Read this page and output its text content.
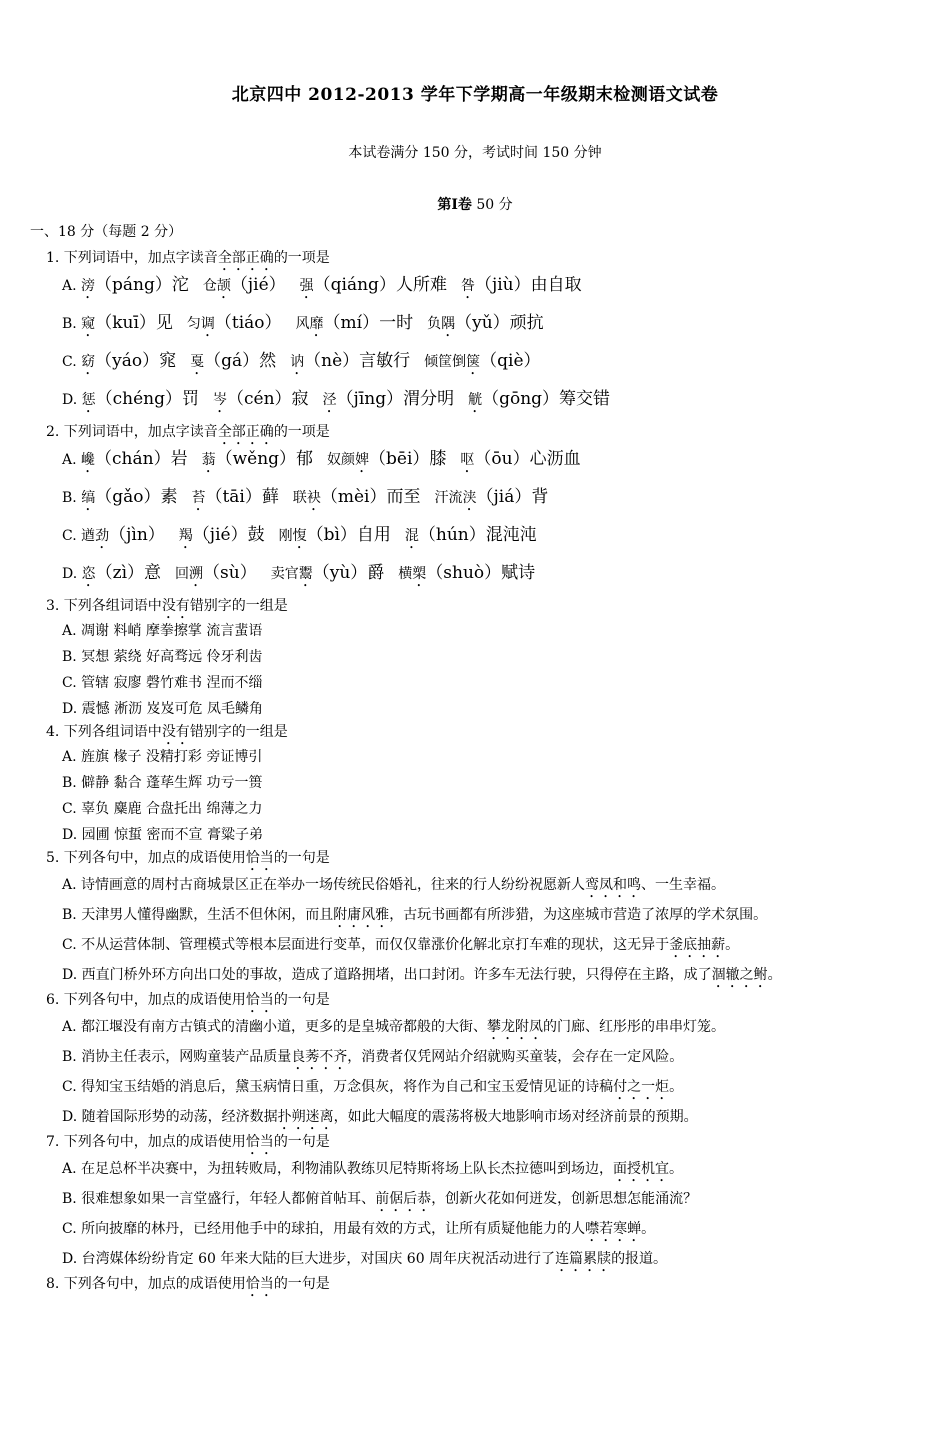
北京四中 2012-2013 学年下学期高一年级期末检测语文试卷
本试卷满分 150 分，考试时间 150 分钟
第Ⅰ卷 50 分
一、18 分（每题 2 分）
1. 下列词语中，加点字读音全部正确的一项是
A. 滂（páng）沱 仓颉（jié） 强（qiáng）人所难 咎（jiù）由自取
B. 窥（kuī）见 匀调（tiáo） 风靡（mí）一时 负隅（yǔ）顽抗
C. 窈（yáo）窕 戛（gá）然 讷（nè）言敏行 倾筐倒箧（qiè）
D. 惩（chéng）罚 岑（cén）寂 泾（jīng）渭分明 觥（gōng）筹交错
2. 下列词语中，加点字读音全部正确的一项是
A. 巉（chán）岩 蓊（wěng）郁 奴颜婢（bēi）膝 呕（ōu）心沥血
B. 缟（gǎo）素 苔（tāi）藓 联袂（mèi）而至 汗流浃（jiá）背
C. 遒劲（jìn） 羯（jié）鼓 刚愎（bì）自用 混（hún）混沌沌
D. 恣（zì）意 回溯（sù） 卖官鬻（yù）爵 横槊（shuò）赋诗
3. 下列各组词语中没有错别字的一组是
A. 凋谢 料峭 摩拳擦掌 流言蜚语
B. 冥想 萦绕 好高骛远 伶牙利齿
C. 管辖 寂廖 磬竹难书 涅而不缁
D. 震憾 淅沥 岌岌可危 凤毛鳞角
4. 下列各组词语中没有错别字的一组是
A. 旌旗 椽子 没精打彩 旁证博引
B. 僻静 黏合 蓬荜生辉 功亏一篑
C. 辜负 麋鹿 合盘托出 绵薄之力
D. 园圃 惊蜇 密而不宣 膏粱子弟
5. 下列各句中，加点的成语使用恰当的一句是
A. 诗情画意的周村古商城景区正在举办一场传统民俗婚礼，往来的行人纷纷祝愿新人鸾凤和鸣、一生幸福。
B. 天津男人懂得幽默，生活不但休闲，而且附庸风雅，古玩书画都有所涉猎，为这座城市营造了浓厚的学术氛围。
C. 不从运营体制、管理模式等根本层面进行变革，而仅仅靠涨价化解北京打车难的现状，这无异于釜底抽薪。
D. 西直门桥外环方向出口处的事故，造成了道路拥堵，出口封闭。许多车无法行驶，只得停在主路，成了涸辙之鲋。
6. 下列各句中，加点的成语使用恰当的一句是
A. 都江堰没有南方古镇式的清幽小道，更多的是皇城帝都般的大街、攀龙附凤的门廊、红彤彤的串串灯笼。
B. 消协主任表示，网购童装产品质量良莠不齐，消费者仅凭网站介绍就购买童装，会存在一定风险。
C. 得知宝玉结婚的消息后，黛玉病情日重，万念俱灰，将作为自己和宝玉爱情见证的诗稿付之一炬。
D. 随着国际形势的动荡，经济数据扑朔迷离，如此大幅度的震荡将极大地影响市场对经济前景的预期。
7. 下列各句中，加点的成语使用恰当的一句是
A. 在足总杯半决赛中，为扭转败局，利物浦队教练贝尼特斯将场上队长杰拉德叫到场边，面授机宜。
B. 很难想象如果一言堂盛行，年轻人都俯首帖耳、前倨后恭，创新火花如何迸发，创新思想怎能涌流？
C. 所向披靡的林丹，已经用他手中的球拍，用最有效的方式，让所有质疑他能力的人噤若寒蝉。
D. 台湾媒体纷纷肯定 60 年来大陆的巨大进步，对国庆 60 周年庆祝活动进行了连篇累牍的报道。
8. 下列各句中，加点的成语使用恰当的一句是
